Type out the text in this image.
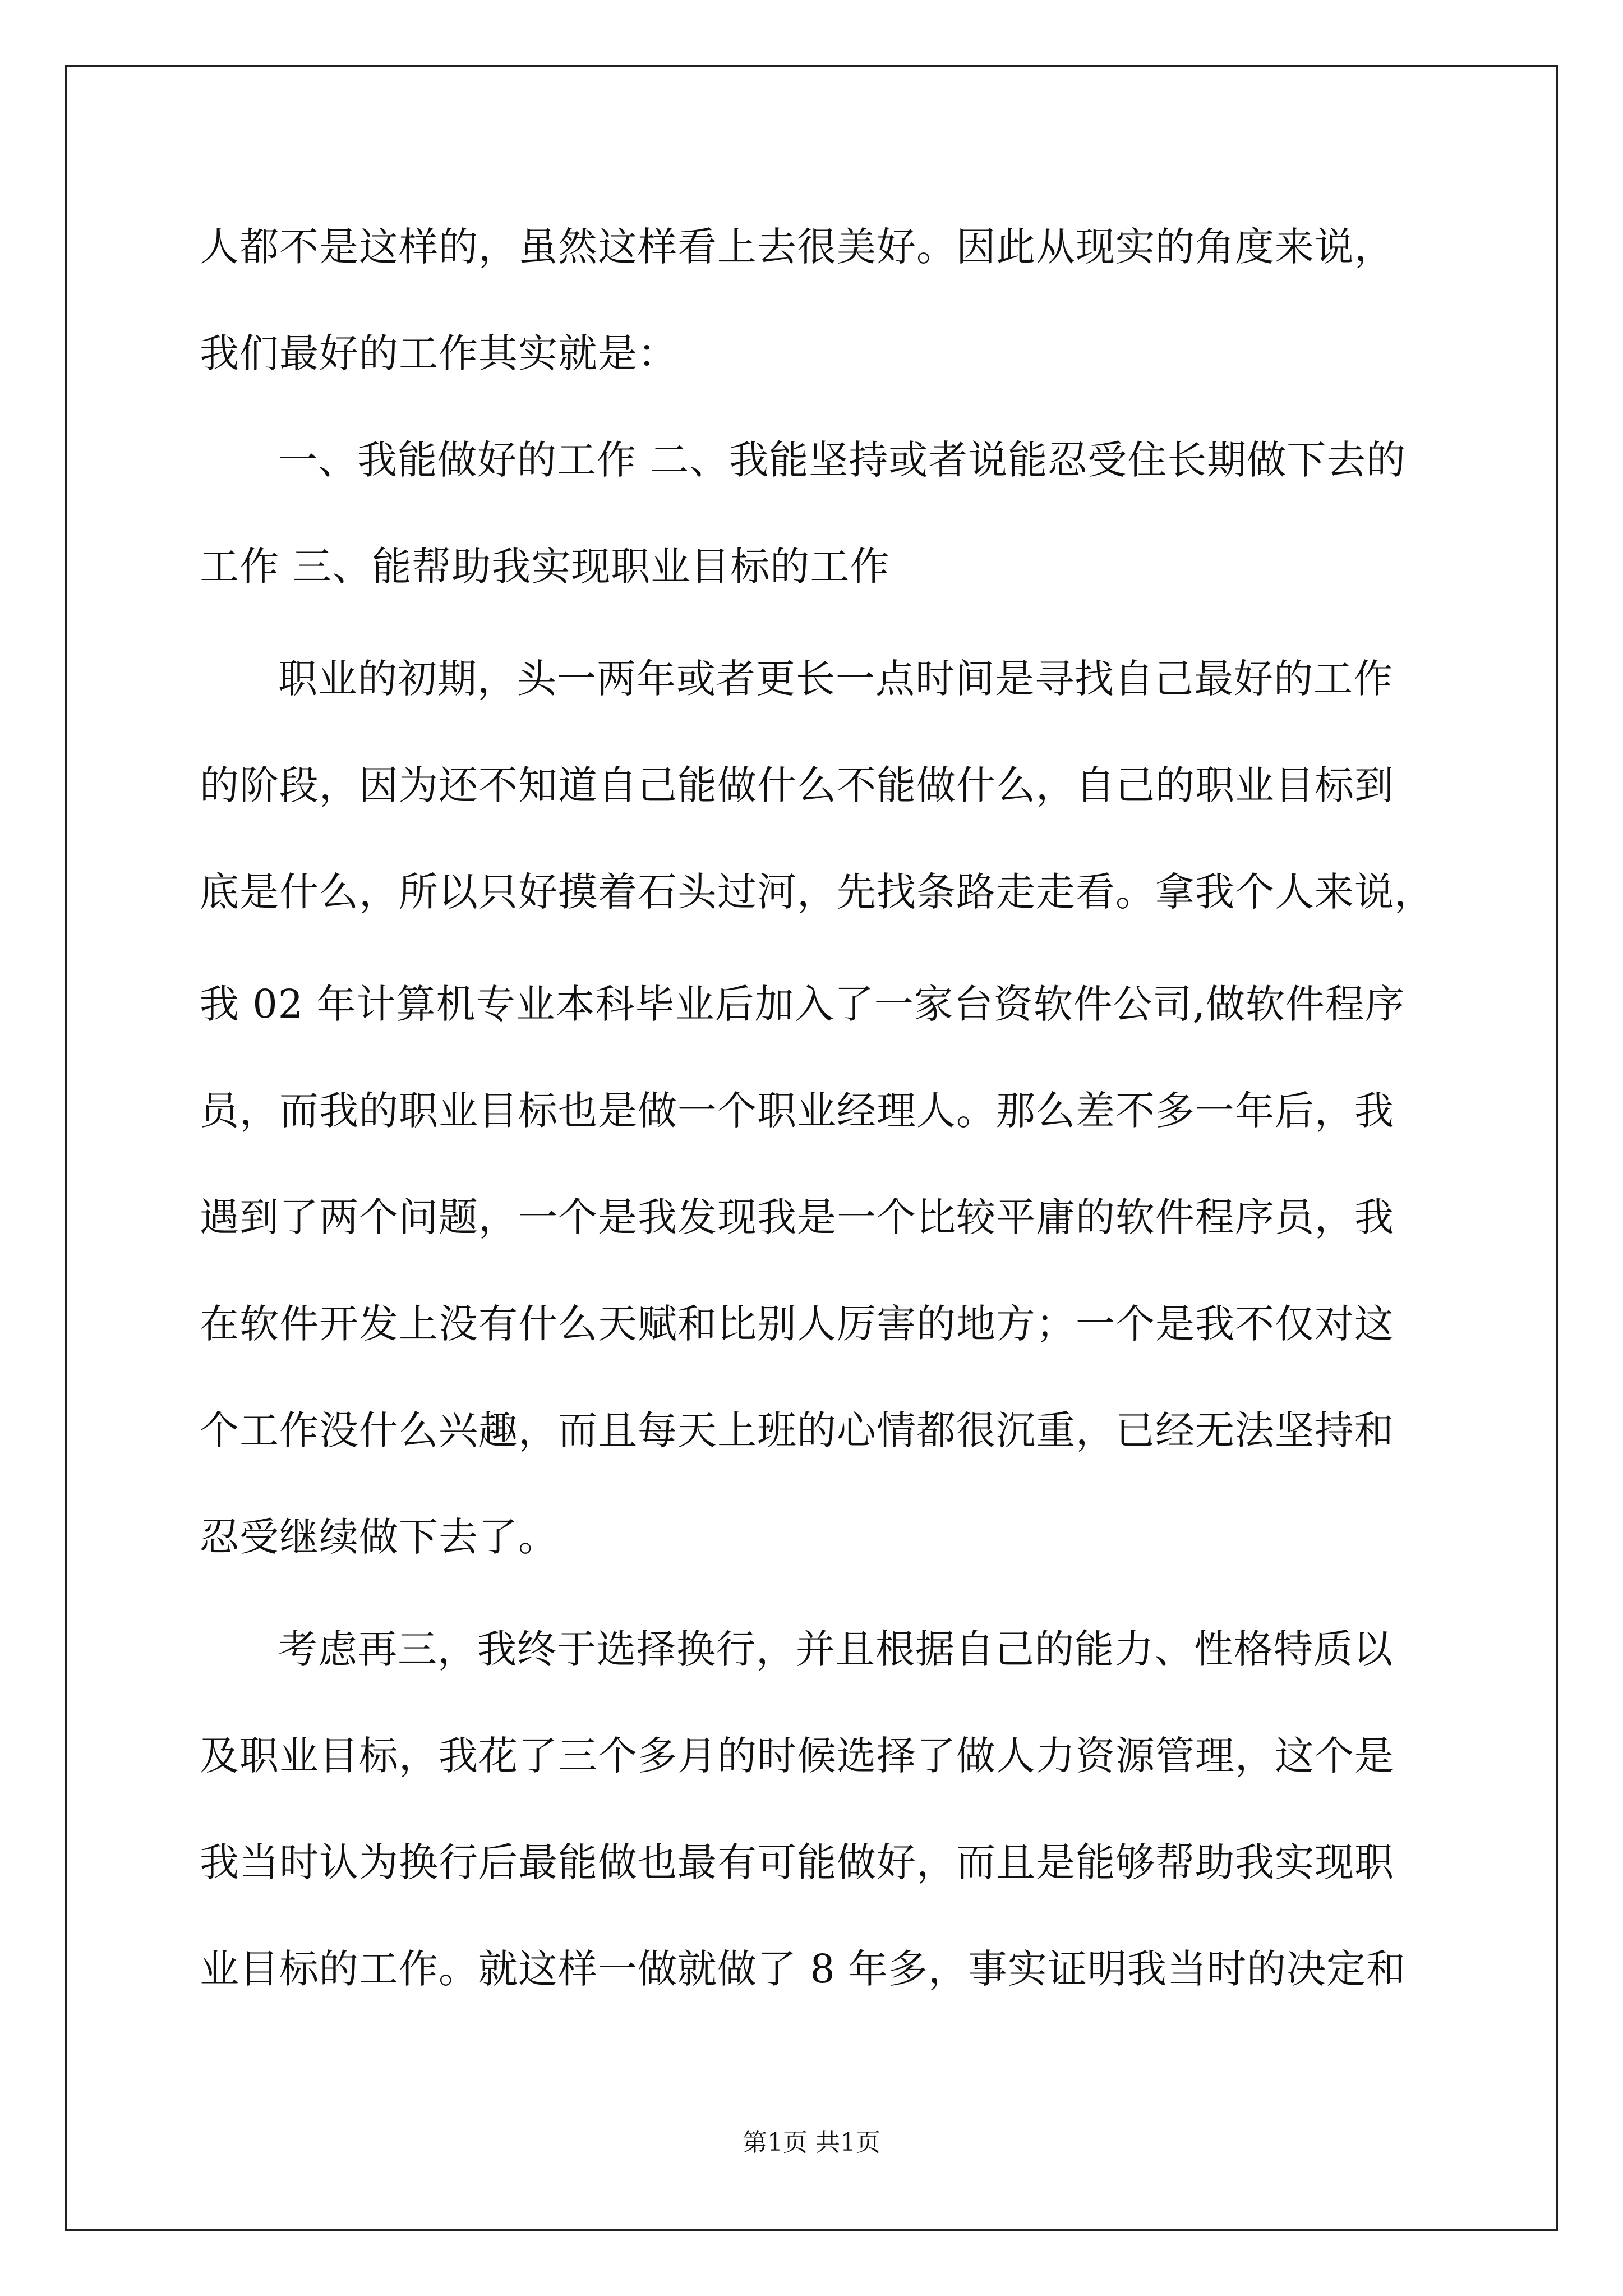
人都不是这样的，虽然这样看上去很美好。因此从现实的角度来说，
我们最好的工作其实就是：
一、我能做好的工作 二、我能坚持或者说能忍受住长期做下去的
工作 三、能帮助我实现职业目标的工作
职业的初期，头一两年或者更长一点时间是寻找自己最好的工作
的阶段，因为还不知道自己能做什么不能做什么，自己的职业目标到
底是什么，所以只好摸着石头过河，先找条路走走看。拿我个人来说，
我 02 年计算机专业本科毕业后加入了一家台资软件公司,做软件程序
员，而我的职业目标也是做一个职业经理人。那么差不多一年后，我
遇到了两个问题，一个是我发现我是一个比较平庸的软件程序员，我
在软件开发上没有什么天赋和比别人厉害的地方；一个是我不仅对这
个工作没什么兴趣，而且每天上班的心情都很沉重，已经无法坚持和
忍受继续做下去了。
考虑再三，我终于选择换行，并且根据自己的能力、性格特质以
及职业目标，我花了三个多月的时候选择了做人力资源管理，这个是
我当时认为换行后最能做也最有可能做好，而且是能够帮助我实现职
业目标的工作。就这样一做就做了 8 年多，事实证明我当时的决定和
第1页 共1页
